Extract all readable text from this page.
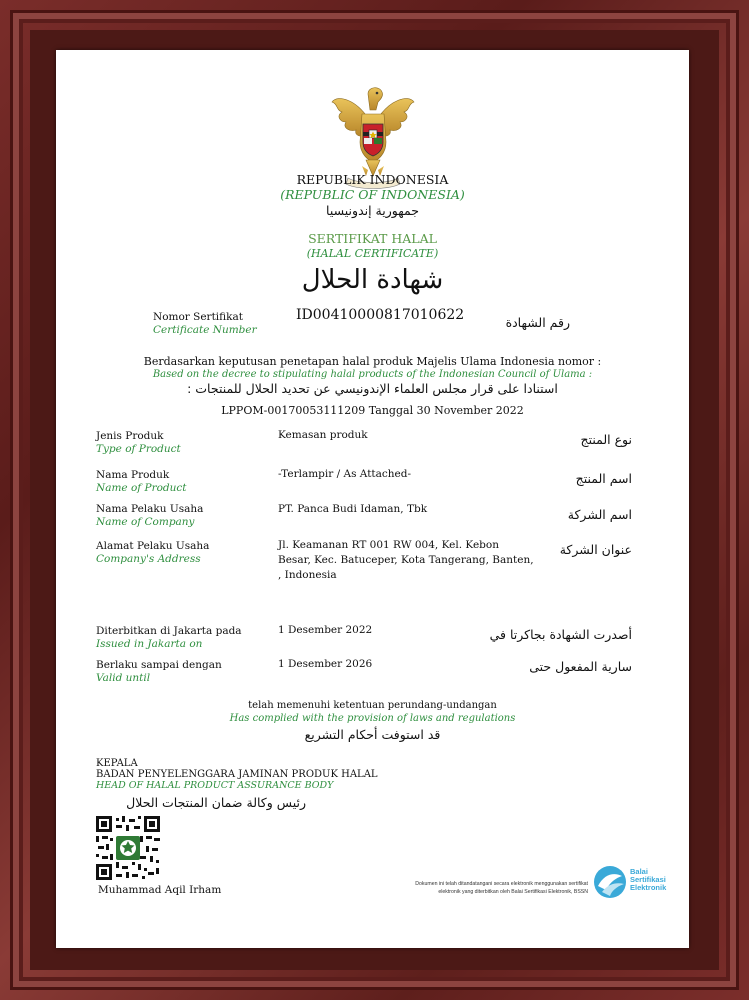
REPUBLIK INDONESIA
(REPUBLIC OF INDONESIA)
جمهورية إندونيسيا
SERTIFIKAT HALAL
(HALAL CERTIFICATE)
شهادة الحلال
Nomor Sertifikat
Certificate Number
ID00410000817010622	رقم الشهادة
Berdasarkan keputusan penetapan halal produk Majelis Ulama Indonesia nomor :
Based on the decree to stipulating halal products of the Indonesian Council of Ulama :
استنادا على قرار مجلس العلماء الإندونيسي عن تحديد الحلال للمنتجات :
LPPOM-00170053111209 Tanggal 30 November 2022
Jenis Produk
Type of Product
Kemasan produk	نوع المنتج
Nama Produk
Name of Product
-Terlampir / As Attached-	اسم المنتج
Nama Pelaku Usaha
Name of Company
PT. Panca Budi Idaman, Tbk	اسم الشركة
Alamat Pelaku Usaha
Company's Address
Jl. Keamanan RT 001 RW 004, Kel. Kebon
Besar, Kec. Batuceper, Kota Tangerang, Banten,
, Indonesia
عنوان الشركة
Diterbitkan di Jakarta pada
Issued in Jakarta on
1 Desember 2022	أصدرت الشهادة بجاكرتا في
Berlaku sampai dengan
Valid until
1 Desember 2026	سارية المفعول حتى
telah memenuhi ketentuan perundang-undangan
Has complied with the provision of laws and regulations
قد استوفت أحكام التشريع
KEPALA
BADAN PENYELENGGARA JAMINAN PRODUK HALAL
HEAD OF HALAL PRODUCT ASSURANCE BODY
رئيس وكالة ضمان المنتجات الحلال
Muhammad Aqil Irham	Dokumen ini telah ditandatangani secara elektronik menggunakan sertifikat
elektronik yang diterbitkan oleh Balai Sertifikasi Elektronik, BSSN
Balai
Sertifikasi
Elektronik
